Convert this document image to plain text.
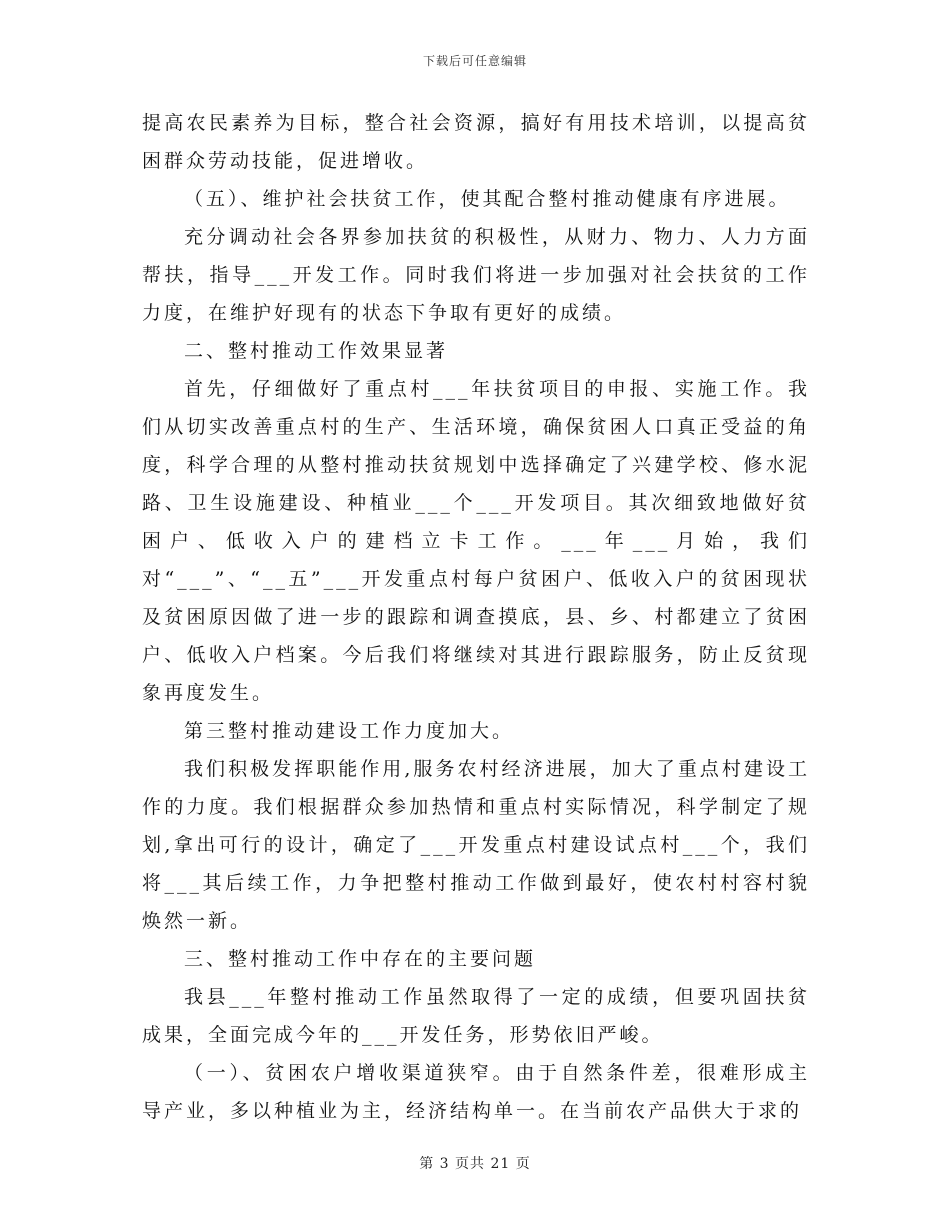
下载后可任意编辑

提高农民素养为目标，整合社会资源，搞好有用技术培训，以提高贫困群众劳动技能，促进增收。

（五）、维护社会扶贫工作，使其配合整村推动健康有序进展。

充分调动社会各界参加扶贫的积极性，从财力、物力、人力方面帮扶，指导___开发工作。同时我们将进一步加强对社会扶贫的工作力度，在维护好现有的状态下争取有更好的成绩。

二、整村推动工作效果显著

首先，仔细做好了重点村___年扶贫项目的申报、实施工作。我们从切实改善重点村的生产、生活环境，确保贫困人口真正受益的角度，科学合理的从整村推动扶贫规划中选择确定了兴建学校、修水泥路、卫生设施建设、种植业___个___开发项目。其次细致地做好贫困户、低收入户的建档立卡工作。___年___月始，我们对“___”、“__五”___开发重点村每户贫困户、低收入户的贫困现状及贫困原因做了进一步的跟踪和调查摸底，县、乡、村都建立了贫困户、低收入户档案。今后我们将继续对其进行跟踪服务，防止反贫现象再度发生。

第三整村推动建设工作力度加大。

我们积极发挥职能作用,服务农村经济进展，加大了重点村建设工作的力度。我们根据群众参加热情和重点村实际情况，科学制定了规划,拿出可行的设计，确定了___开发重点村建设试点村___个，我们将___其后续工作，力争把整村推动工作做到最好，使农村村容村貌焕然一新。

三、整村推动工作中存在的主要问题

我县___年整村推动工作虽然取得了一定的成绩，但要巩固扶贫成果，全面完成今年的___开发任务，形势依旧严峻。

（一）、贫困农户增收渠道狭窄。由于自然条件差，很难形成主导产业，多以种植业为主，经济结构单一。在当前农产品供大于求的

第 3 页共 21 页
